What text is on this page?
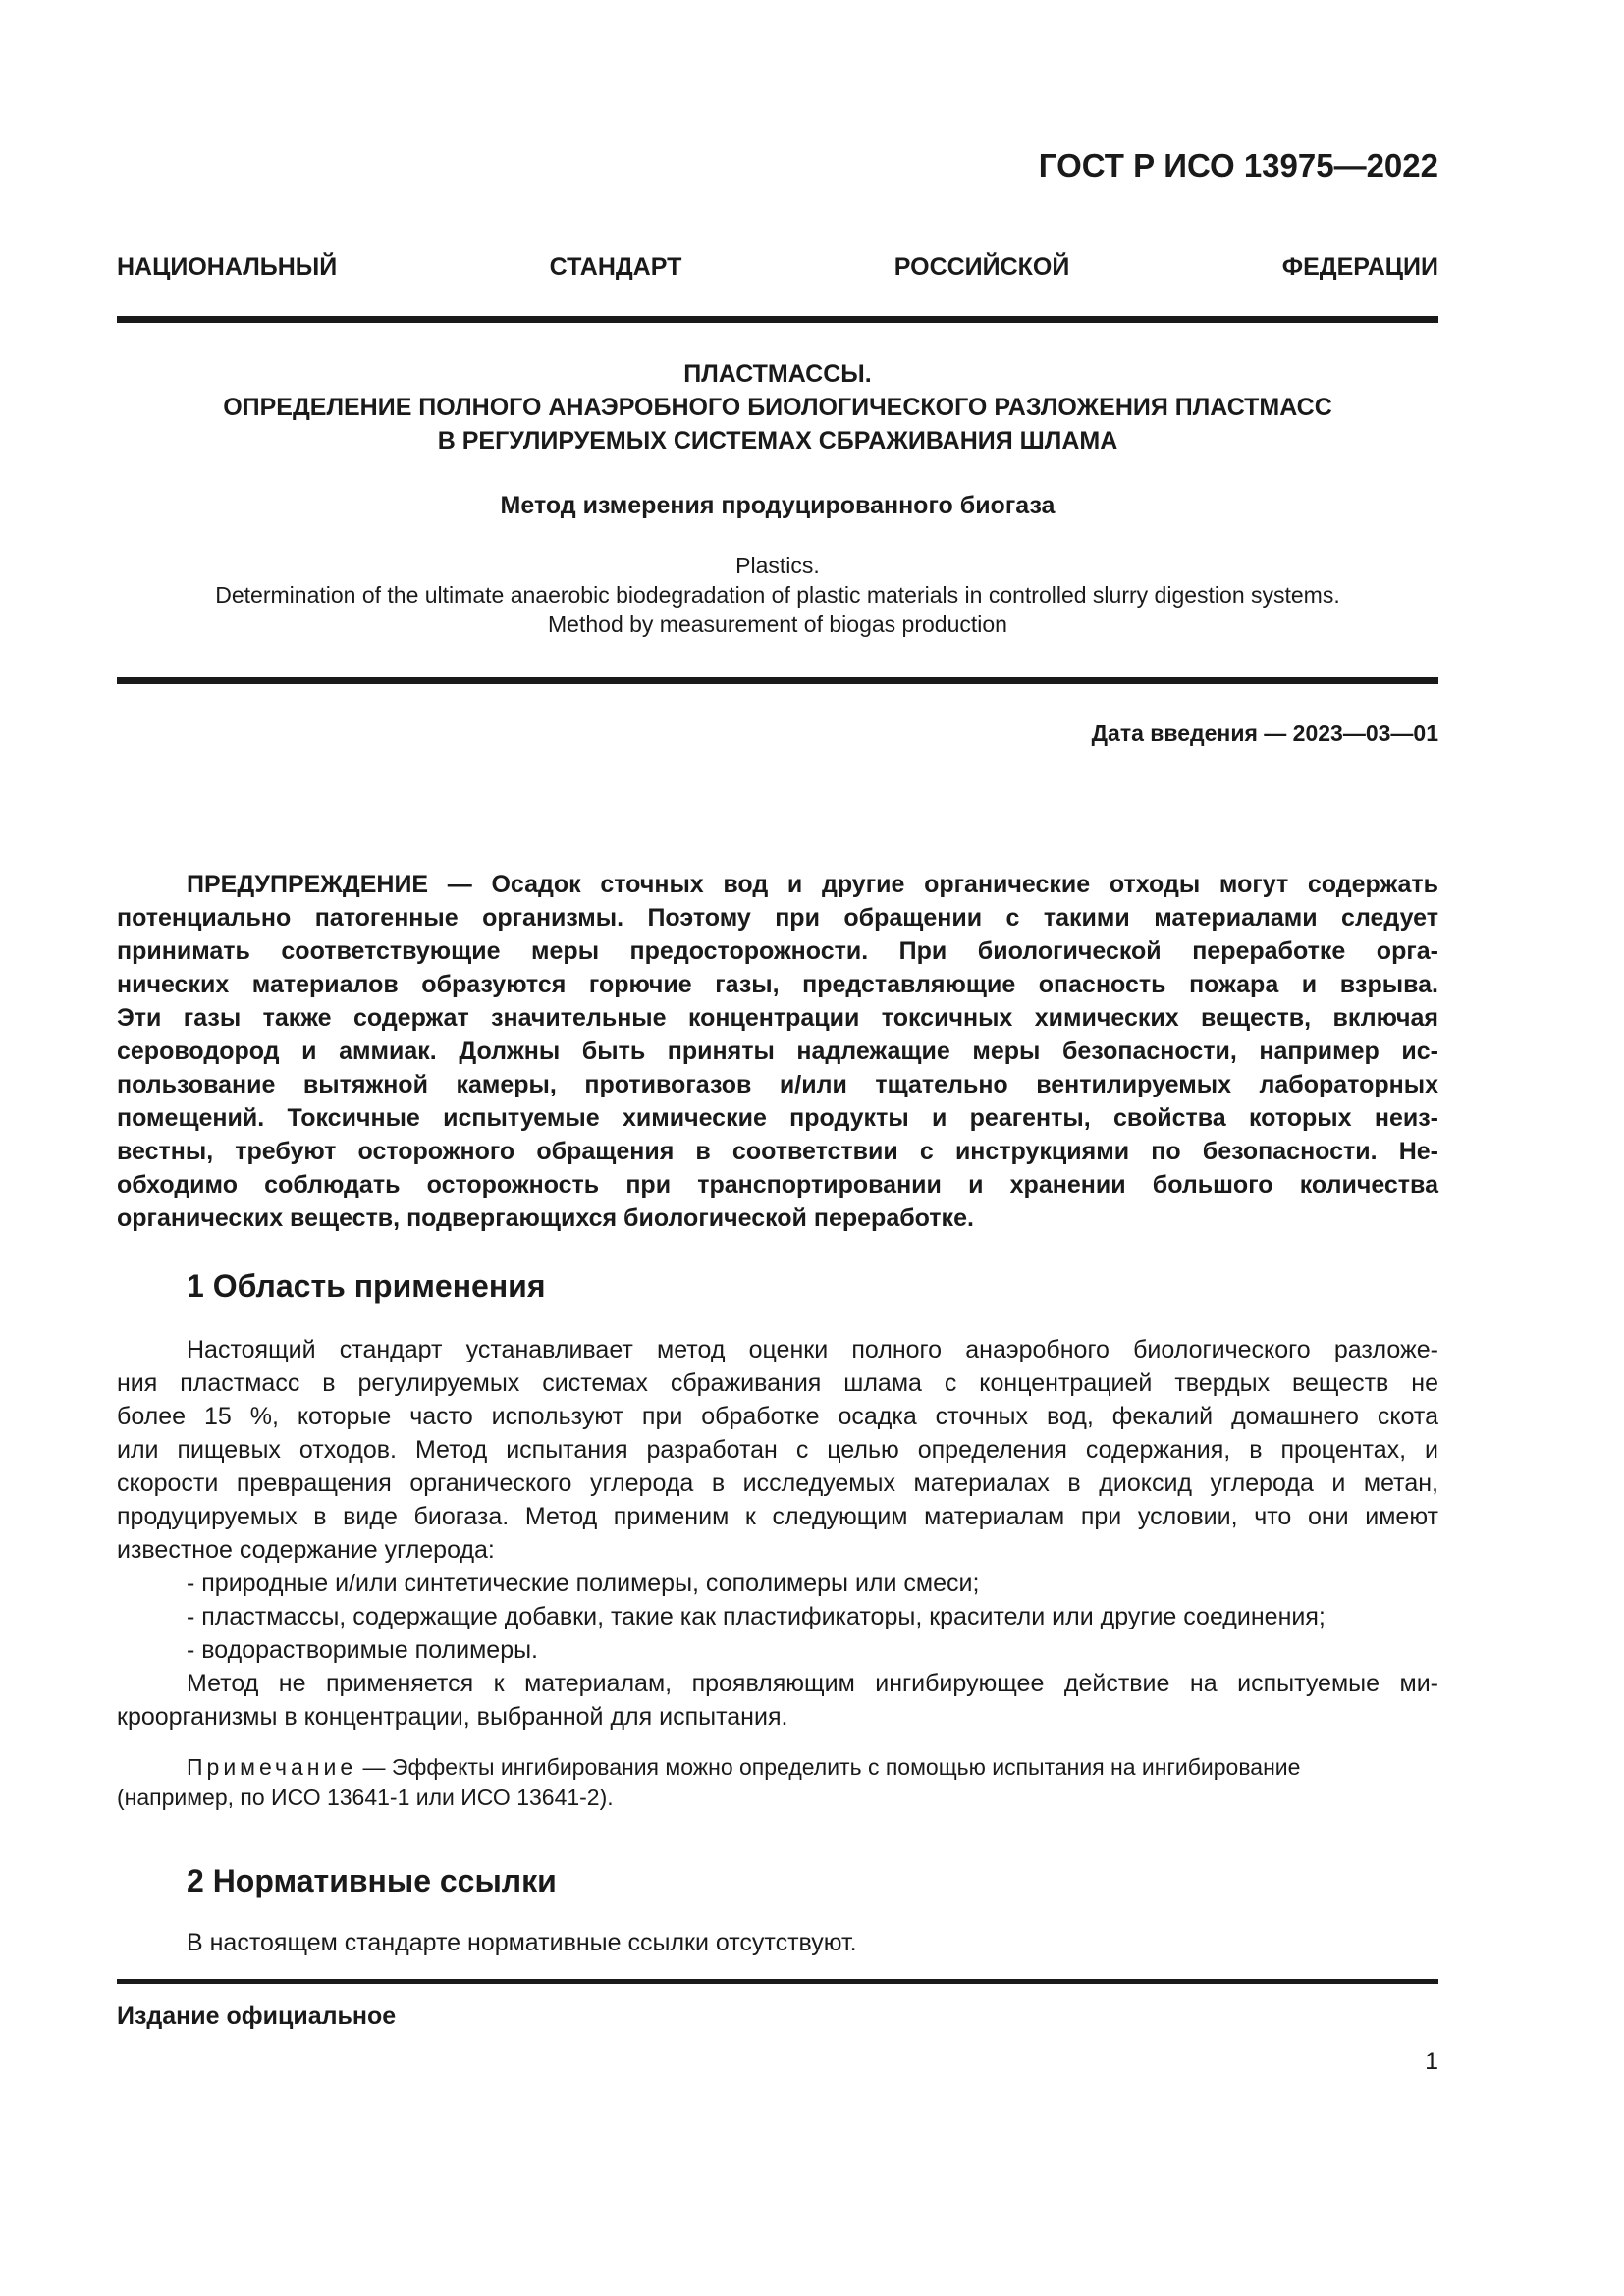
ГОСТ Р ИСО 13975—2022
НАЦИОНАЛЬНЫЙ СТАНДАРТ РОССИЙСКОЙ ФЕДЕРАЦИИ
ПЛАСТМАССЫ.
ОПРЕДЕЛЕНИЕ ПОЛНОГО АНАЭРОБНОГО БИОЛОГИЧЕСКОГО РАЗЛОЖЕНИЯ ПЛАСТМАСС
В РЕГУЛИРУЕМЫХ СИСТЕМАХ СБРАЖИВАНИЯ ШЛАМА
Метод измерения продуцированного биогаза
Plastics.
Determination of the ultimate anaerobic biodegradation of plastic materials in controlled slurry digestion systems.
Method by measurement of biogas production
Дата введения — 2023—03—01
ПРЕДУПРЕЖДЕНИЕ — Осадок сточных вод и другие органические отходы могут содержать
потенциально патогенные организмы. Поэтому при обращении с такими материалами следует
принимать соответствующие меры предосторожности. При биологической переработке орга-
нических материалов образуются горючие газы, представляющие опасность пожара и взрыва.
Эти газы также содержат значительные концентрации токсичных химических веществ, включая
сероводород и аммиак. Должны быть приняты надлежащие меры безопасности, например ис-
пользование вытяжной камеры, противогазов и/или тщательно вентилируемых лабораторных
помещений. Токсичные испытуемые химические продукты и реагенты, свойства которых неиз-
вестны, требуют осторожного обращения в соответствии с инструкциями по безопасности. Не-
обходимо соблюдать осторожность при транспортировании и хранении большого количества
органических веществ, подвергающихся биологической переработке.
1 Область применения
Настоящий стандарт устанавливает метод оценки полного анаэробного биологического разложе-
ния пластмасс в регулируемых системах сбраживания шлама с концентрацией твердых веществ не
более 15 %, которые часто используют при обработке осадка сточных вод, фекалий домашнего скота
или пищевых отходов. Метод испытания разработан с целью определения содержания, в процентах, и
скорости превращения органического углерода в исследуемых материалах в диоксид углерода и метан,
продуцируемых в виде биогаза. Метод применим к следующим материалам при условии, что они имеют
известное содержание углерода:
- природные и/или синтетические полимеры, сополимеры или смеси;
- пластмассы, содержащие добавки, такие как пластификаторы, красители или другие соединения;
- водорастворимые полимеры.
Метод не применяется к материалам, проявляющим ингибирующее действие на испытуемые ми-
кроорганизмы в концентрации, выбранной для испытания.
Примечание — Эффекты ингибирования можно определить с помощью испытания на ингибирование
(например, по ИСО 13641-1 или ИСО 13641-2).
2 Нормативные ссылки
В настоящем стандарте нормативные ссылки отсутствуют.
Издание официальное
1
